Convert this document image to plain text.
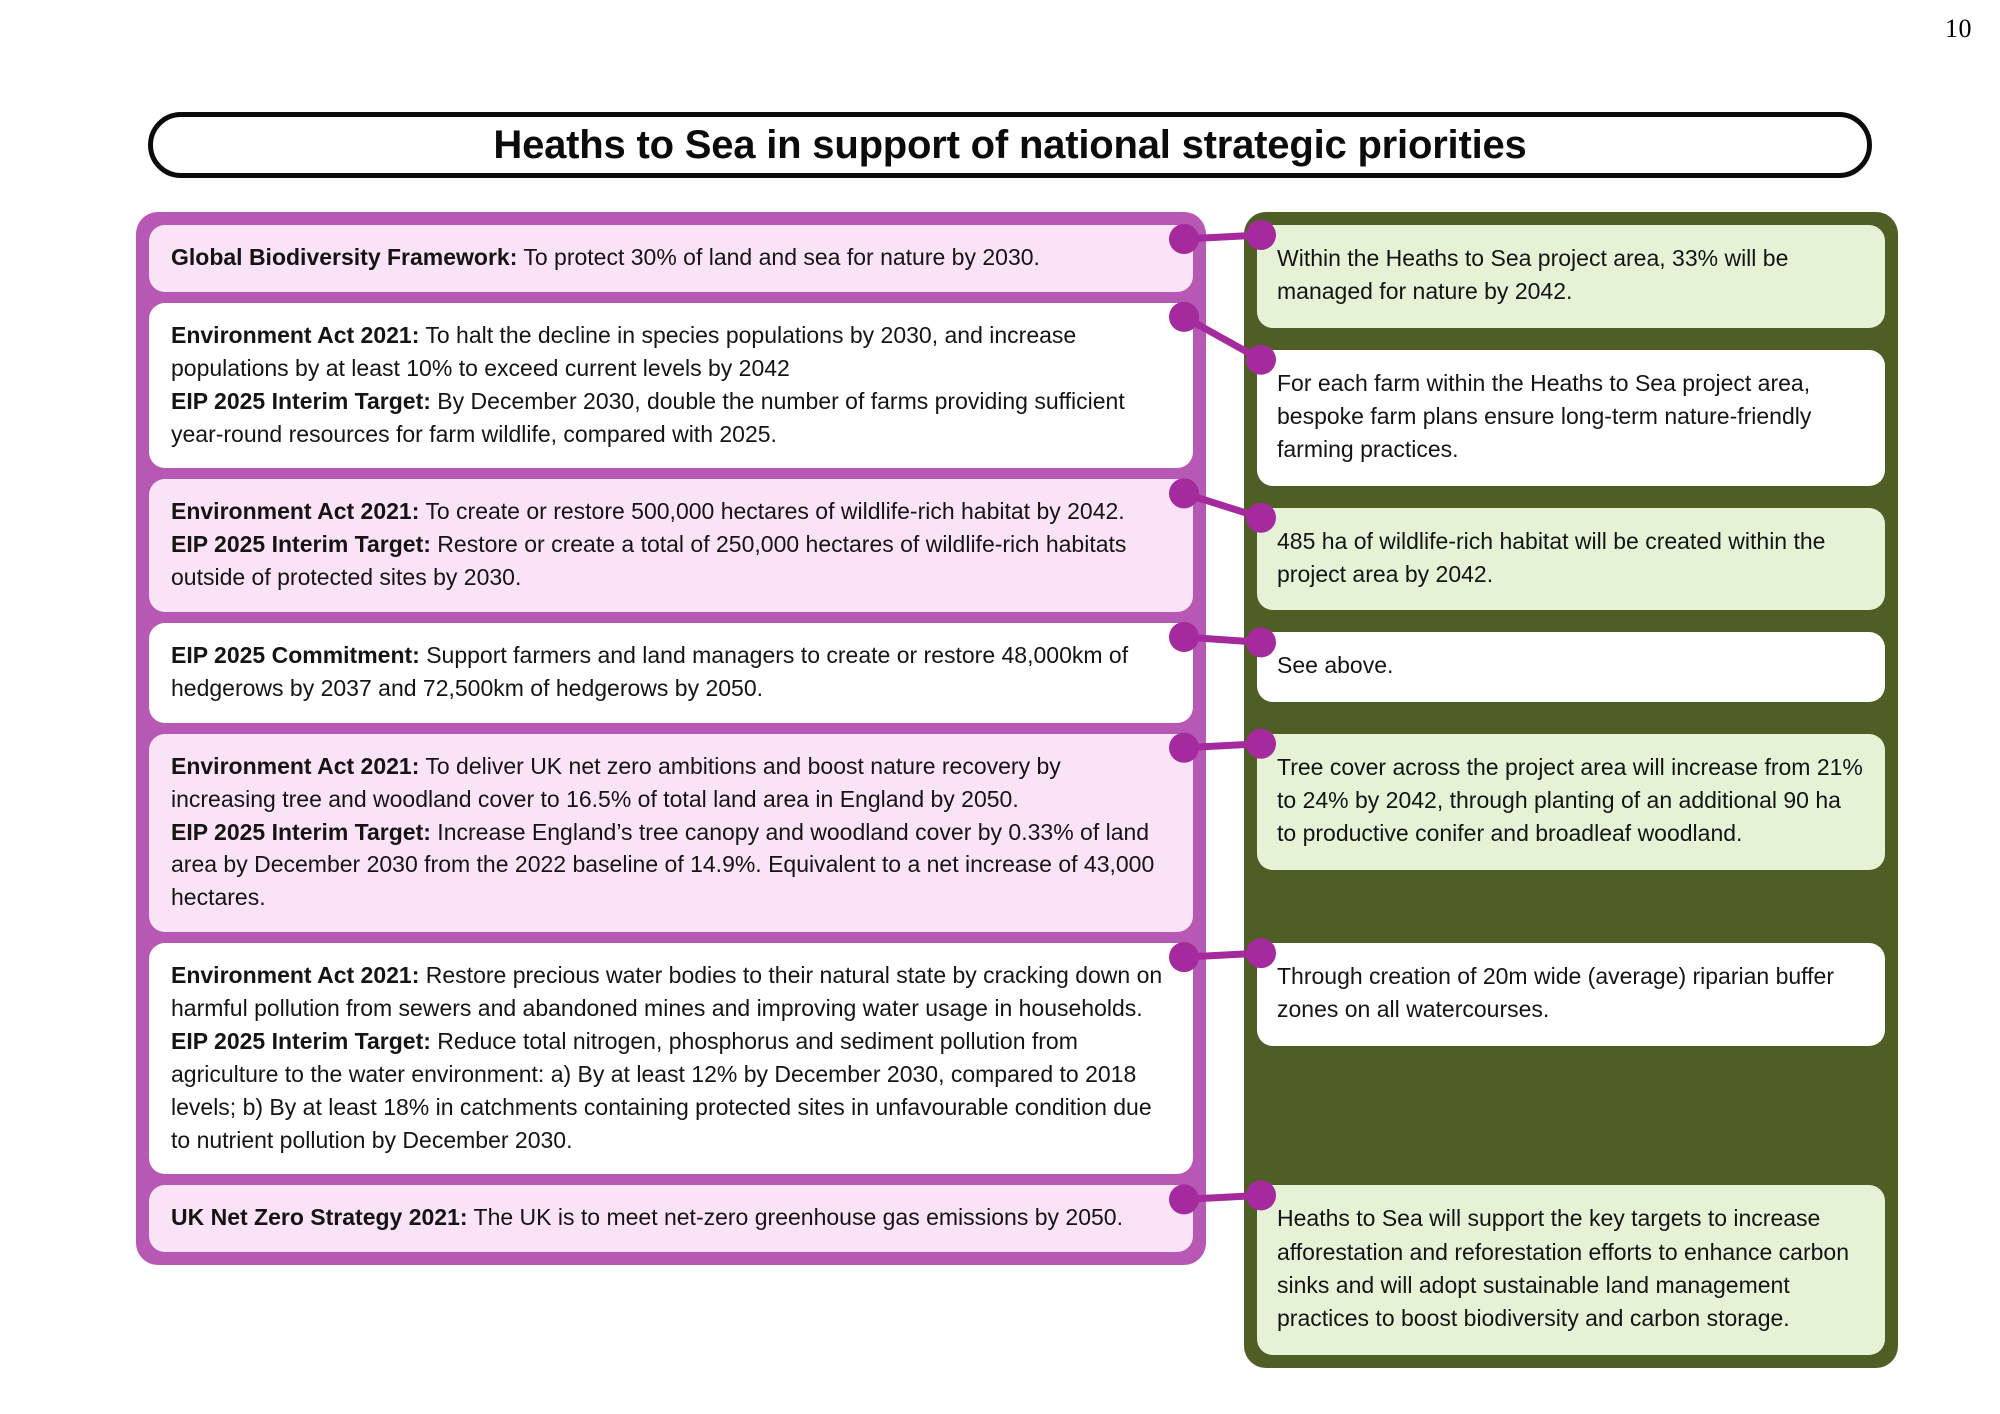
10
Heaths to Sea in support of national strategic priorities
Global Biodiversity Framework: To protect 30% of land and sea for nature by 2030.
Environment Act 2021: To halt the decline in species populations by 2030, and increase populations by at least 10% to exceed current levels by 2042
EIP 2025 Interim Target: By December 2030, double the number of farms providing sufficient year-round resources for farm wildlife, compared with 2025.
Environment Act 2021: To create or restore 500,000 hectares of wildlife-rich habitat by 2042.
EIP 2025 Interim Target: Restore or create a total of 250,000 hectares of wildlife-rich habitats outside of protected sites by 2030.
EIP 2025 Commitment: Support farmers and land managers to create or restore 48,000km of hedgerows by 2037 and 72,500km of hedgerows by 2050.
Environment Act 2021: To deliver UK net zero ambitions and boost nature recovery by increasing tree and woodland cover to 16.5% of total land area in England by 2050.
EIP 2025 Interim Target: Increase England’s tree canopy and woodland cover by 0.33% of land area by December 2030 from the 2022 baseline of 14.9%. Equivalent to a net increase of 43,000 hectares.
Environment Act 2021: Restore precious water bodies to their natural state by cracking down on harmful pollution from sewers and abandoned mines and improving water usage in households.
EIP 2025 Interim Target: Reduce total nitrogen, phosphorus and sediment pollution from agriculture to the water environment: a) By at least 12% by December 2030, compared to 2018 levels; b) By at least 18% in catchments containing protected sites in unfavourable condition due to nutrient pollution by December 2030.
UK Net Zero Strategy 2021: The UK is to meet net-zero greenhouse gas emissions by 2050.
Within the Heaths to Sea project area, 33% will be managed for nature by 2042.
For each farm within the Heaths to Sea project area, bespoke farm plans ensure long-term nature-friendly farming practices.
485 ha of wildlife-rich habitat will be created within the project area by 2042.
See above.
Tree cover across the project area will increase from 21% to 24% by 2042, through planting of an additional 90 ha to productive conifer and broadleaf woodland.
Through creation of 20m wide (average) riparian buffer zones on all watercourses.
Heaths to Sea will support the key targets to increase afforestation and reforestation efforts to enhance carbon sinks and will adopt sustainable land management practices to boost biodiversity and carbon storage.
